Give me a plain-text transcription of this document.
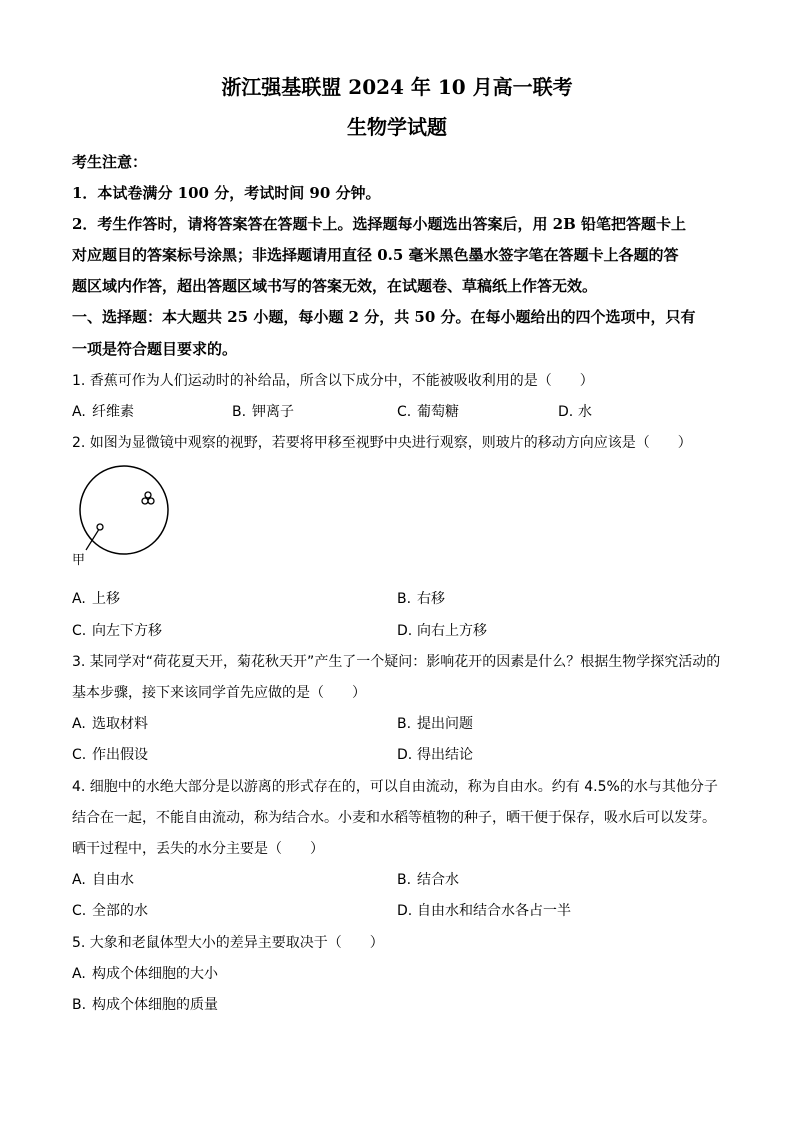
浙江强基联盟 2024 年 10 月高一联考
生物学试题
考生注意：
1．本试卷满分 100 分，考试时间 90 分钟。
2．考生作答时，请将答案答在答题卡上。选择题每小题选出答案后，用 2B 铅笔把答题卡上
对应题目的答案标号涂黑；非选择题请用直径 0.5 毫米黑色墨水签字笔在答题卡上各题的答
题区域内作答，超出答题区域书写的答案无效，在试题卷、草稿纸上作答无效。
一、选择题：本大题共 25 小题，每小题 2 分，共 50 分。在每小题给出的四个选项中，只有
一项是符合题目要求的。
1. 香蕉可作为人们运动时的补给品，所含以下成分中，不能被吸收利用的是（　　）
A. 纤维素	B. 钾离子	C. 葡萄糖	D. 水
2. 如图为显微镜中观察的视野，若要将甲移至视野中央进行观察，则玻片的移动方向应该是（　　）
甲
A. 上移	B. 右移
C. 向左下方移	D. 向右上方移
3. 某同学对“荷花夏天开，菊花秋天开”产生了一个疑问：影响花开的因素是什么？根据生物学探究活动的
基本步骤，接下来该同学首先应做的是（　　）
A. 选取材料	B. 提出问题
C. 作出假设	D. 得出结论
4. 细胞中的水绝大部分是以游离的形式存在的，可以自由流动，称为自由水。约有 4.5%的水与其他分子
结合在一起，不能自由流动，称为结合水。小麦和水稻等植物的种子，晒干便于保存，吸水后可以发芽。
晒干过程中，丢失的水分主要是（　　）
A. 自由水	B. 结合水
C. 全部的水	D. 自由水和结合水各占一半
5. 大象和老鼠体型大小的差异主要取决于（　　）
A. 构成个体细胞的大小
B. 构成个体细胞的质量
